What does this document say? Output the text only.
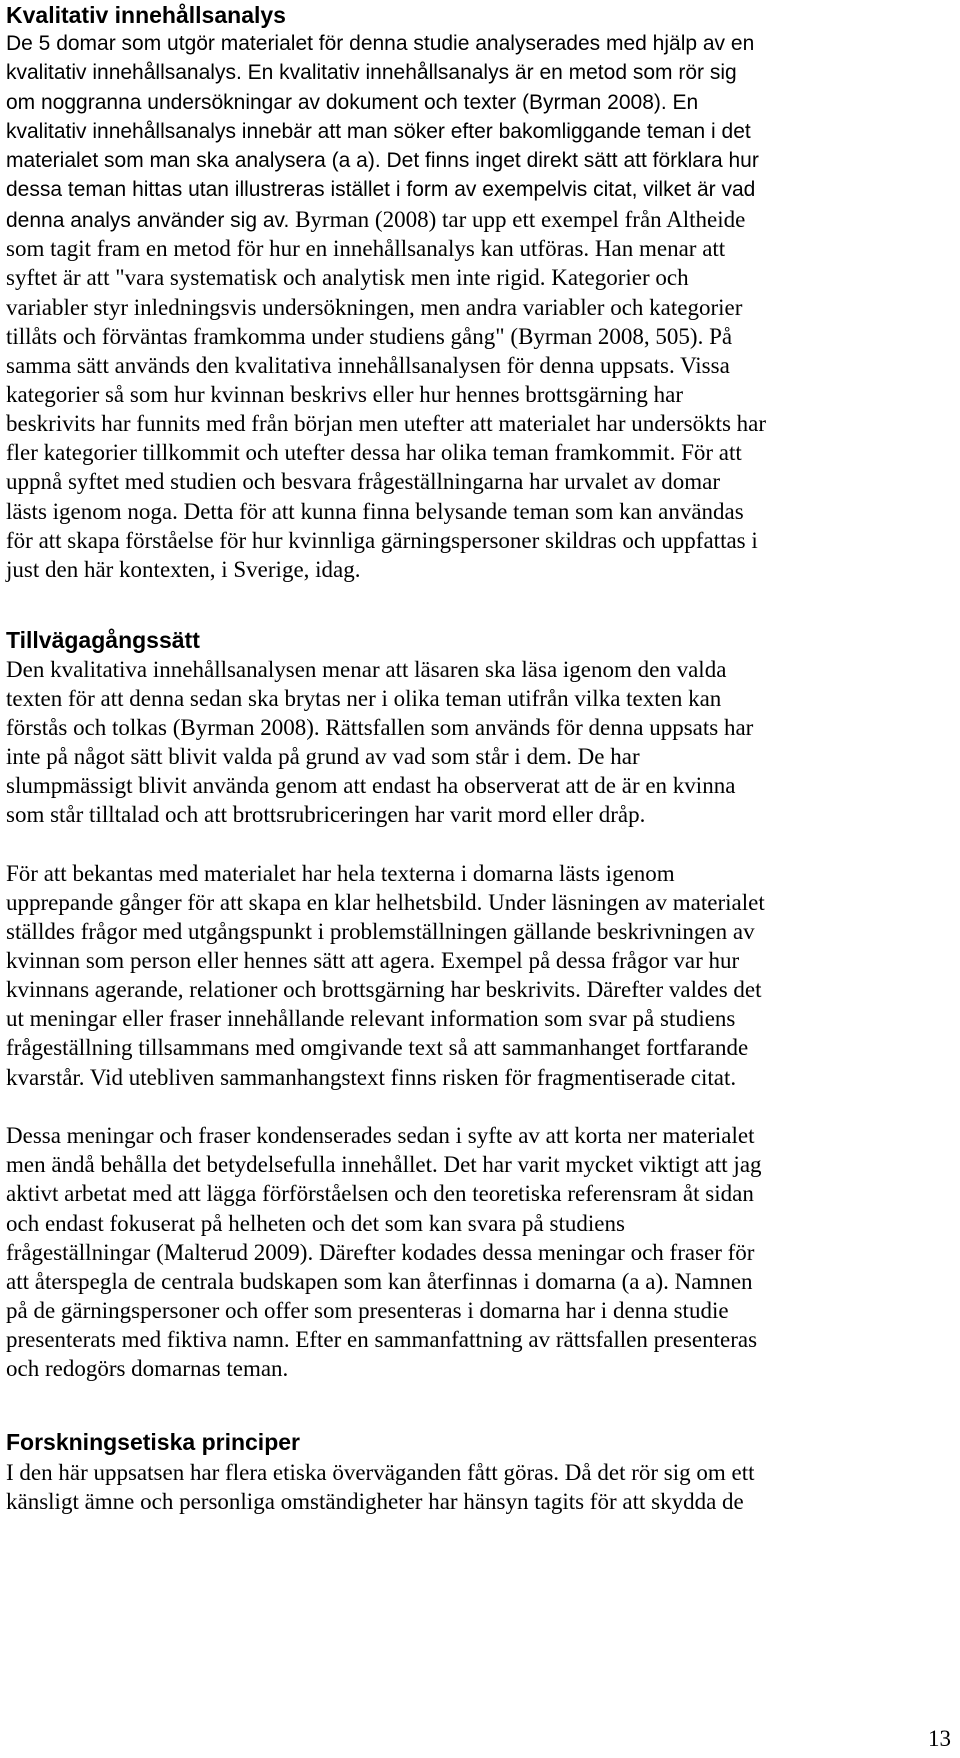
Kvalitativ innehållsanalys
De 5 domar som utgör materialet för denna studie analyserades med hjälp av en
kvalitativ innehållsanalys. En kvalitativ innehållsanalys är en metod som rör sig
om noggranna undersökningar av dokument och texter (Byrman 2008). En
kvalitativ innehållsanalys innebär att man söker efter bakomliggande teman i det
materialet som man ska analysera (a a). Det finns inget direkt sätt att förklara hur
dessa teman hittas utan illustreras istället i form av exempelvis citat, vilket är vad
denna analys använder sig av. Byrman (2008) tar upp ett exempel från Altheide
som tagit fram en metod för hur en innehållsanalys kan utföras. Han menar att
syftet är att "vara systematisk och analytisk men inte rigid. Kategorier och
variabler styr inledningsvis undersökningen, men andra variabler och kategorier
tillåts och förväntas framkomma under studiens gång" (Byrman 2008, 505). På
samma sätt används den kvalitativa innehållsanalysen för denna uppsats. Vissa
kategorier så som hur kvinnan beskrivs eller hur hennes brottsgärning har
beskrivits har funnits med från början men utefter att materialet har undersökts har
fler kategorier tillkommit och utefter dessa har olika teman framkommit. För att
uppnå syftet med studien och besvara frågeställningarna har urvalet av domar
lästs igenom noga. Detta för att kunna finna belysande teman som kan användas
för att skapa förståelse för hur kvinnliga gärningspersoner skildras och uppfattas i
just den här kontexten, i Sverige, idag.
Tillvägagångssätt
Den kvalitativa innehållsanalysen menar att läsaren ska läsa igenom den valda
texten för att denna sedan ska brytas ner i olika teman utifrån vilka texten kan
förstås och tolkas (Byrman 2008). Rättsfallen som används för denna uppsats har
inte på något sätt blivit valda på grund av vad som står i dem. De har
slumpmässigt blivit använda genom att endast ha observerat att de är en kvinna
som står tilltalad och att brottsrubriceringen har varit mord eller dråp.
För att bekantas med materialet har hela texterna i domarna lästs igenom
upprepande gånger för att skapa en klar helhetsbild. Under läsningen av materialet
ställdes frågor med utgångspunkt i problemställningen gällande beskrivningen av
kvinnan som person eller hennes sätt att agera. Exempel på dessa frågor var hur
kvinnans agerande, relationer och brottsgärning har beskrivits. Därefter valdes det
ut meningar eller fraser innehållande relevant information som svar på studiens
frågeställning tillsammans med omgivande text så att sammanhanget fortfarande
kvarstår. Vid utebliven sammanhangstext finns risken för fragmentiserade citat.
Dessa meningar och fraser kondenserades sedan i syfte av att korta ner materialet
men ändå behålla det betydelsefulla innehållet. Det har varit mycket viktigt att jag
aktivt arbetat med att lägga förförståelsen och den teoretiska referensram åt sidan
och endast fokuserat på helheten och det som kan svara på studiens
frågeställningar (Malterud 2009). Därefter kodades dessa meningar och fraser för
att återspegla de centrala budskapen som kan återfinnas i domarna (a a). Namnen
på de gärningspersoner och offer som presenteras i domarna har i denna studie
presenterats med fiktiva namn. Efter en sammanfattning av rättsfallen presenteras
och redogörs domarnas teman.
Forskningsetiska principer
I den här uppsatsen har flera etiska överväganden fått göras. Då det rör sig om ett
känsligt ämne och personliga omständigheter har hänsyn tagits för att skydda de
13
